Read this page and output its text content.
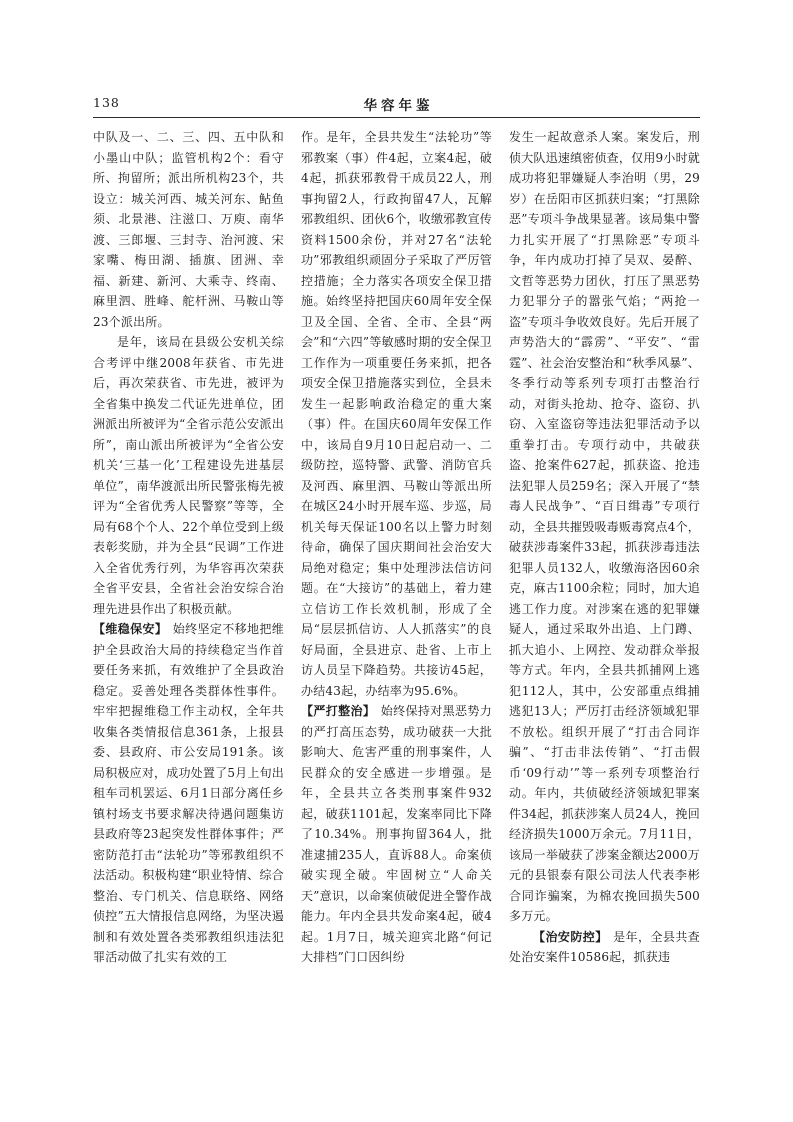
138	华容年鉴

中队及一、二、三、四、五中队和小墨山中队；监管机构2个：看守所、拘留所；派出所机构23个，共设立：城关河西、城关河东、鲇鱼须、北景港、注滋口、万庾、南华渡、三郎堰、三封寺、治河渡、宋家嘴、梅田湖、插旗、团洲、幸福、新建、新河、大乘寺、终南、麻里泗、胜峰、舵杆洲、马鞍山等23个派出所。

是年，该局在县级公安机关综合考评中继2008年获省、市先进后，再次荣获省、市先进，被评为全省集中换发二代证先进单位，团洲派出所被评为“全省示范公安派出所”，南山派出所被评为“全省公安机关‘三基一化’工程建设先进基层单位”，南华渡派出所民警张梅先被评为“全省优秀人民警察”等等，全局有68个个人、22个单位受到上级表彰奖励，并为全县“民调”工作进入全省优秀行列，为华容再次荣获全省平安县，全省社会治安综合治理先进县作出了积极贡献。

【维稳保安】 始终坚定不移地把维护全县政治大局的持续稳定当作首要任务来抓，有效维护了全县政治稳定。妥善处理各类群体性事件。牢牢把握维稳工作主动权，全年共收集各类情报信息361条，上报县委、县政府、市公安局191条。该局积极应对，成功处置了5月上旬出租车司机罢运、6月1日部分离任乡镇村场支书要求解决待遇问题集访县政府等23起突发性群体事件；严密防范打击“法轮功”等邪教组织不法活动。积极构建“职业特情、综合整治、专门机关、信息联络、网络侦控”五大情报信息网络，为坚决遏制和有效处置各类邪教组织违法犯罪活动做了扎实有效的工

作。是年，全县共发生“法轮功”等邪教案（事）件4起，立案4起，破4起，抓获邪教骨干成员22人，刑事拘留2人，行政拘留47人，瓦解邪教组织、团伙6个，收缴邪教宣传资料1500余份，并对27名“法轮功”邪教组织顽固分子采取了严厉管控措施；全力落实各项安全保卫措施。始终坚持把国庆60周年安全保卫及全国、全省、全市、全县“两会”和“六四”等敏感时期的安全保卫工作作为一项重要任务来抓，把各项安全保卫措施落实到位，全县未发生一起影响政治稳定的重大案（事）件。在国庆60周年安保工作中，该局自9月10日起启动一、二级防控，巡特警、武警、消防官兵及河西、麻里泗、马鞍山等派出所在城区24小时开展车巡、步巡，局机关每天保证100名以上警力时刻待命，确保了国庆期间社会治安大局绝对稳定；集中处理涉法信访问题。在“大接访”的基础上，着力建立信访工作长效机制，形成了全局“层层抓信访、人人抓落实”的良好局面，全县进京、赴省、上市上访人员呈下降趋势。共接访45起，办结43起，办结率为95.6%。

【严打整治】 始终保持对黑恶势力的严打高压态势，成功破获一大批影响大、危害严重的刑事案件，人民群众的安全感进一步增强。是年，全县共立各类刑事案件932起，破获1101起，发案率同比下降了10.34%。刑事拘留364人，批准逮捕235人，直诉88人。命案侦破实现全破。牢固树立“人命关天”意识，以命案侦破促进全警作战能力。年内全县共发命案4起，破4起。1月7日，城关迎宾北路“何记大排档”门口因纠纷

发生一起故意杀人案。案发后，刑侦大队迅速缜密侦查，仅用9小时就成功将犯罪嫌疑人李治明（男，29岁）在岳阳市区抓获归案；“打黑除恶”专项斗争战果显著。该局集中警力扎实开展了“打黑除恶”专项斗争，年内成功打掉了吴双、晏醉、文哲等恶势力团伙，打压了黑恶势力犯罪分子的嚣张气焰；“两抢一盗”专项斗争收效良好。先后开展了声势浩大的“霹雳”、“平安”、“雷霆”、社会治安整治和“秋季风暴”、冬季行动等系列专项打击整治行动，对街头抢劫、抢夺、盗窃、扒窃、入室盗窃等违法犯罪活动予以重拳打击。专项行动中，共破获盗、抢案件627起，抓获盗、抢违法犯罪人员259名；深入开展了“禁毒人民战争”、“百日缉毒”专项行动，全县共摧毁吸毒贩毒窝点4个，破获涉毒案件33起，抓获涉毒违法犯罪人员132人，收缴海洛因60余克，麻古1100余粒；同时，加大追逃工作力度。对涉案在逃的犯罪嫌疑人，通过采取外出追、上门蹲、抓大追小、上网控、发动群众举报等方式。年内，全县共抓捕网上逃犯112人，其中，公安部重点缉捕逃犯13人；严厉打击经济领域犯罪不放松。组织开展了“打击合同诈骗”、“打击非法传销”、“打击假币‘09行动’”等一系列专项整治行动。年内，共侦破经济领域犯罪案件34起，抓获涉案人员24人，挽回经济损失1000万余元。7月11日，该局一举破获了涉案金额达2000万元的县银泰有限公司法人代表李彬合同诈骗案，为棉农挽回损失500多万元。

【治安防控】 是年，全县共查处治安案件10586起，抓获违
